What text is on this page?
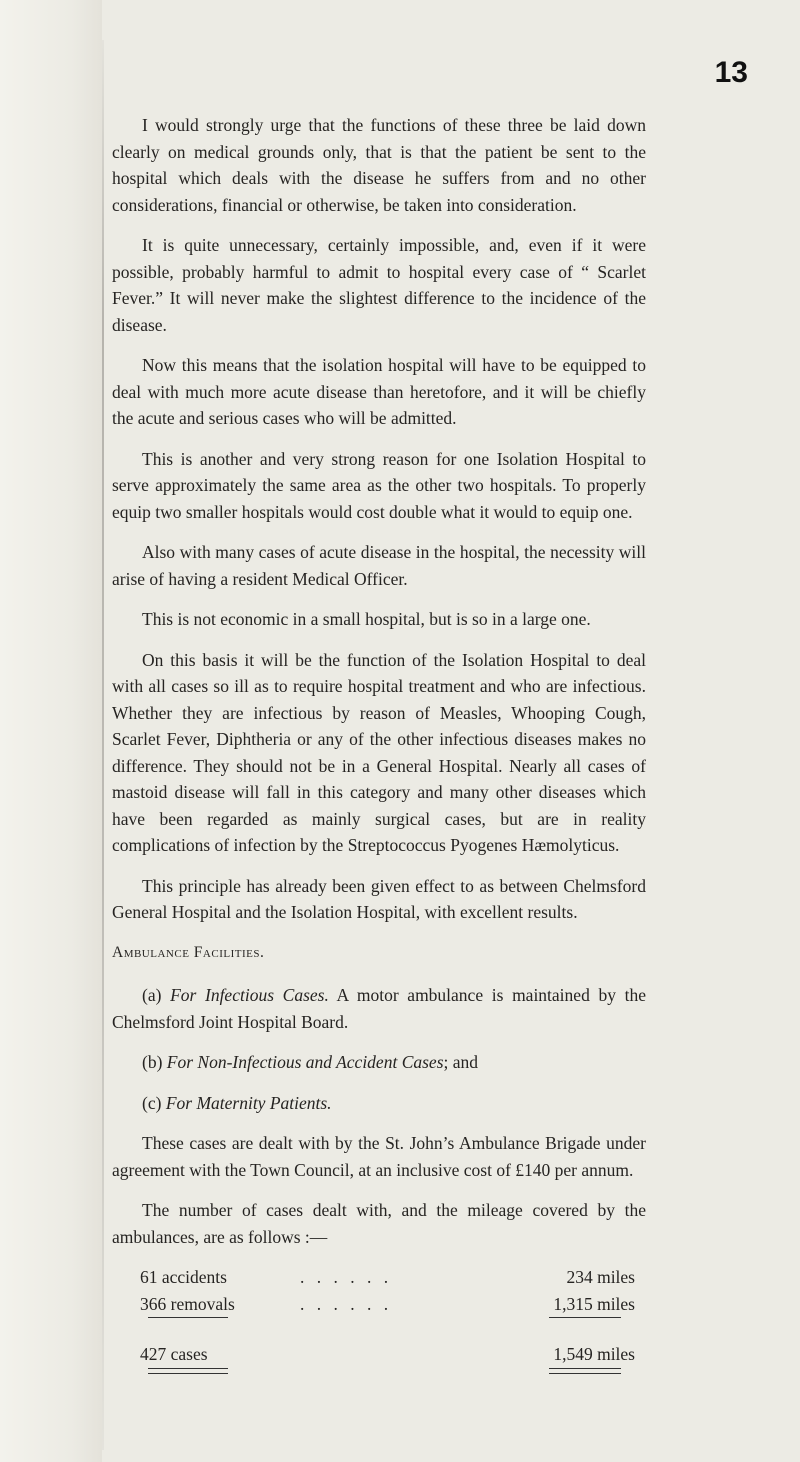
13

I would strongly urge that the functions of these three be laid down clearly on medical grounds only, that is that the patient be sent to the hospital which deals with the disease he suffers from and no other considerations, financial or otherwise, be taken into consideration.

It is quite unnecessary, certainly impossible, and, even if it were possible, probably harmful to admit to hospital every case of “ Scarlet Fever.” It will never make the slightest difference to the incidence of the disease.

Now this means that the isolation hospital will have to be equipped to deal with much more acute disease than heretofore, and it will be chiefly the acute and serious cases who will be admitted.

This is another and very strong reason for one Isolation Hospital to serve approximately the same area as the other two hospitals. To properly equip two smaller hospitals would cost double what it would to equip one.

Also with many cases of acute disease in the hospital, the necessity will arise of having a resident Medical Officer.

This is not economic in a small hospital, but is so in a large one.

On this basis it will be the function of the Isolation Hospital to deal with all cases so ill as to require hospital treatment and who are infectious. Whether they are infectious by reason of Measles, Whooping Cough, Scarlet Fever, Diphtheria or any of the other infectious diseases makes no difference. They should not be in a General Hospital. Nearly all cases of mastoid disease will fall in this category and many other diseases which have been regarded as mainly surgical cases, but are in reality complications of infection by the Streptococcus Pyogenes Hæmolyticus.

This principle has already been given effect to as between Chelmsford General Hospital and the Isolation Hospital, with excellent results.

Ambulance Facilities.

(a) For Infectious Cases. A motor ambulance is maintained by the Chelmsford Joint Hospital Board.

(b) For Non-Infectious and Accident Cases; and

(c) For Maternity Patients.

These cases are dealt with by the St. John’s Ambulance Brigade under agreement with the Town Council, at an inclusive cost of £140 per annum.

The number of cases dealt with, and the mileage covered by the ambulances, are as follows :—

61 accidents	. . . . . .	234 miles
366 removals	. . . . . .	1,315 miles

427 cases		1,549 miles
